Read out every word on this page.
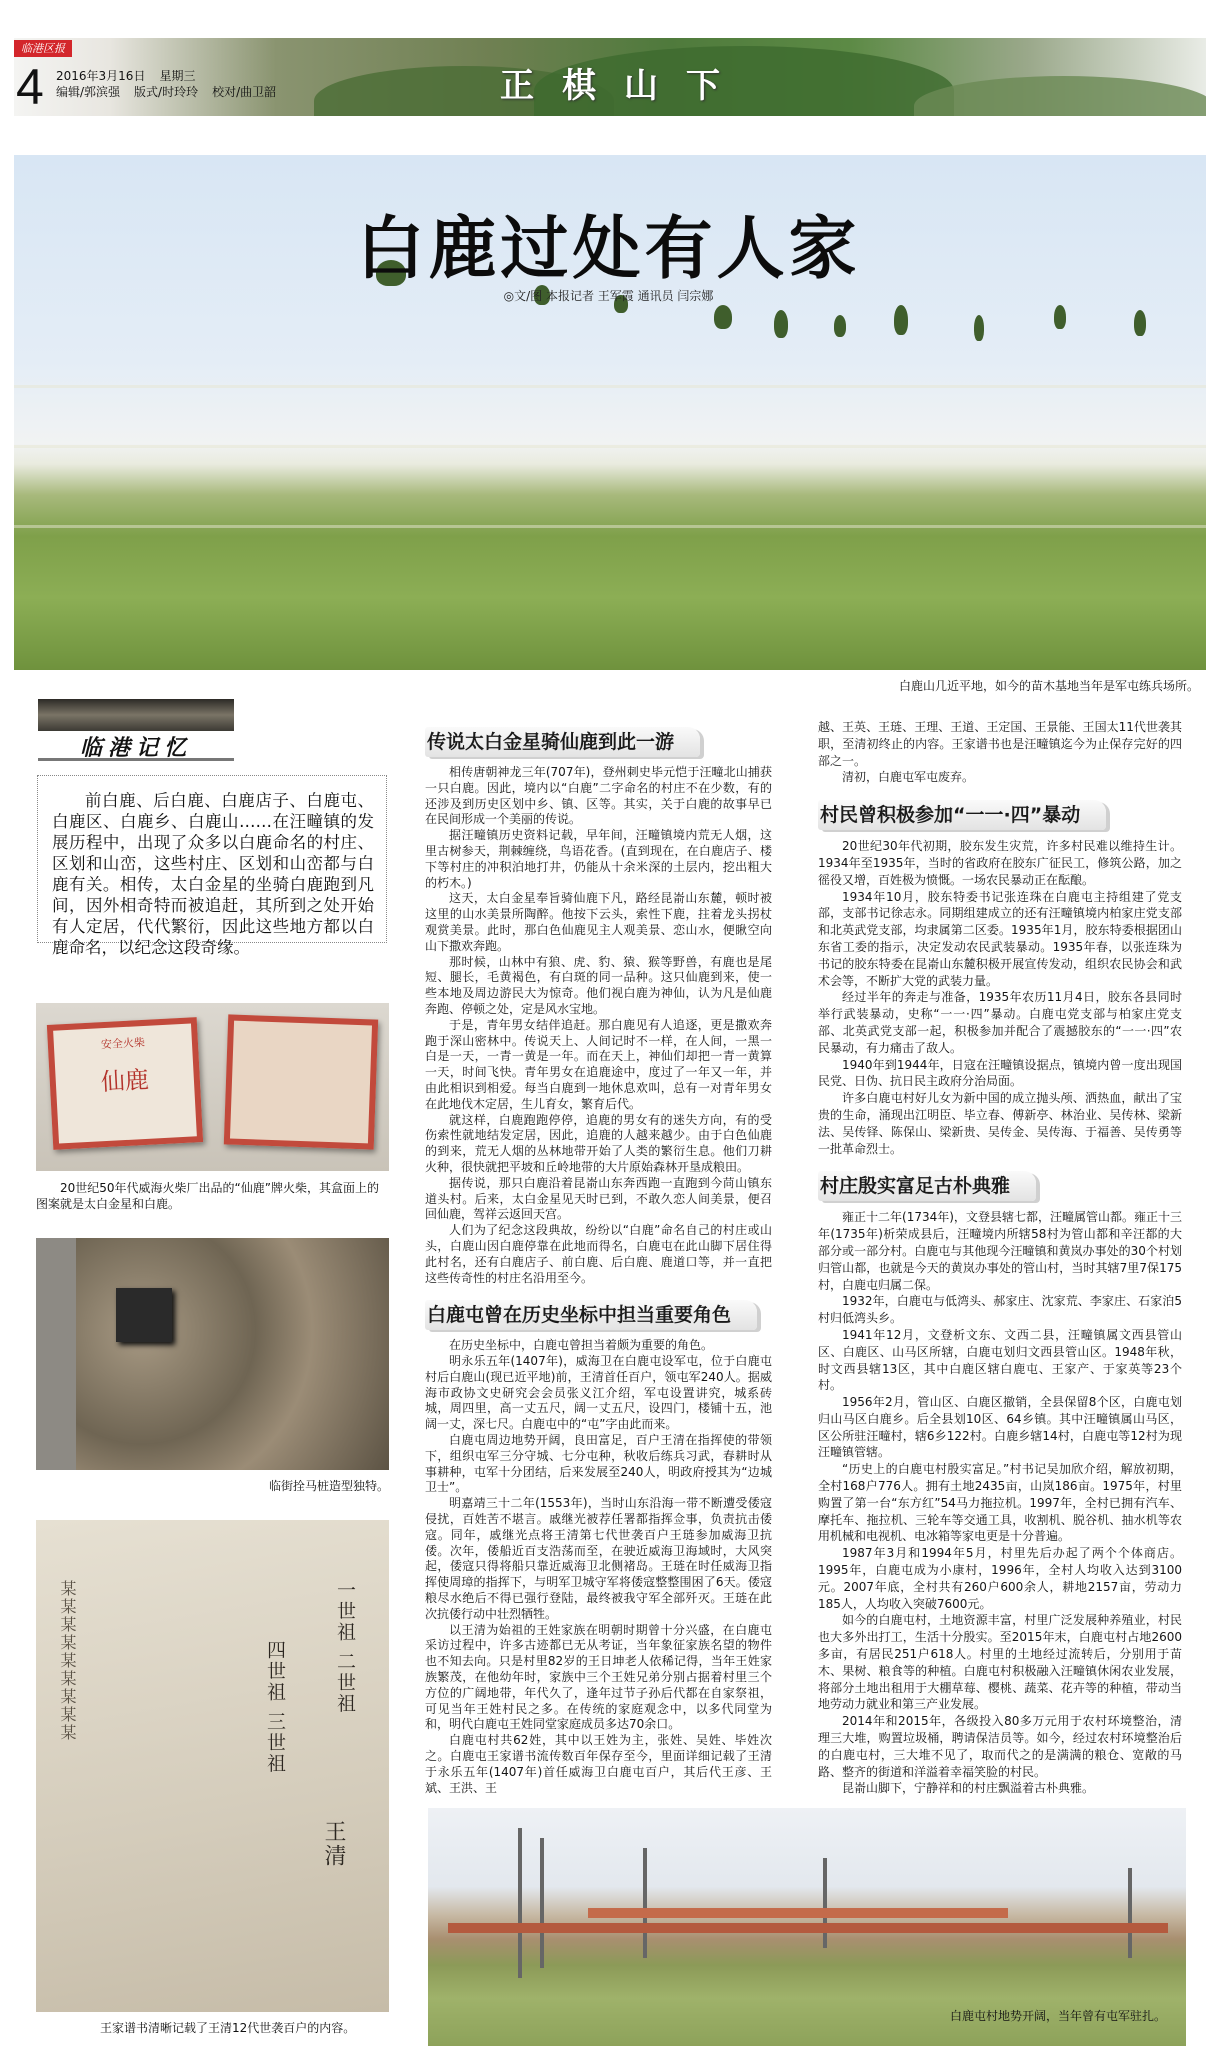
临港区报
4 2016年3月16日 星期三
编辑/郭滨强 版式/时玲玲 校对/曲卫韶	正棋山下
白鹿过处有人家
◎文/图 本报记者 王军霞 通讯员 闫宗娜
白鹿山几近平地，如今的苗木基地当年是军屯练兵场所。
临港记忆
前白鹿、后白鹿、白鹿店子、白鹿屯、白鹿区、白鹿乡、白鹿山……在汪疃镇的发展历程中，出现了众多以白鹿命名的村庄、区划和山峦，这些村庄、区划和山峦都与白鹿有关。相传，太白金星的坐骑白鹿跑到凡间，因外相奇特而被追赶，其所到之处开始有人定居，代代繁衍，因此这些地方都以白鹿命名，以纪念这段奇缘。
安全火柴
仙鹿
20世纪50年代威海火柴厂出品的“仙鹿”牌火柴，其盒面上的图案就是太白金星和白鹿。
临街拴马桩造型独特。
一世祖 二世祖
四世祖 三世祖
王清
某某某某某某某某某
王家谱书清晰记载了王清12代世袭百户的内容。
传说太白金星骑仙鹿到此一游

相传唐朝神龙三年(707年)，登州刺史毕元恺于汪疃北山捕获一只白鹿。因此，境内以“白鹿”二字命名的村庄不在少数，有的还涉及到历史区划中乡、镇、区等。其实，关于白鹿的故事早已在民间形成一个美丽的传说。

据汪疃镇历史资料记载，早年间，汪疃镇境内荒无人烟，这里古树参天，荆棘缠绕，鸟语花香。(直到现在，在白鹿店子、楼下等村庄的冲积泊地打井，仍能从十余米深的土层内，挖出粗大的朽木。)

这天，太白金星奉旨骑仙鹿下凡，路经昆嵛山东麓，顿时被这里的山水美景所陶醉。他按下云头，索性下鹿，拄着龙头拐杖观赏美景。此时，那白色仙鹿见主人观美景、恋山水，便瞅空向山下撒欢奔跑。

那时候，山林中有狼、虎、豹、猿、猴等野兽，有鹿也是尾短、腿长，毛黄褐色，有白斑的同一品种。这只仙鹿到来，使一些本地及周边游民大为惊奇。他们视白鹿为神仙，认为凡是仙鹿奔跑、停顿之处，定是风水宝地。

于是，青年男女结伴追赶。那白鹿见有人追逐，更是撒欢奔跑于深山密林中。传说天上、人间记时不一样，在人间，一黑一白是一天，一青一黄是一年。而在天上，神仙们却把一青一黄算一天，时间飞快。青年男女在追鹿途中，度过了一年又一年，并由此相识到相爱。每当白鹿到一地休息欢叫，总有一对青年男女在此地伐木定居，生儿育女，繁育后代。

就这样，白鹿跑跑停停，追鹿的男女有的迷失方向，有的受伤索性就地结发定居，因此，追鹿的人越来越少。由于白色仙鹿的到来，荒无人烟的丛林地带开始了人类的繁衍生息。他们刀耕火种，很快就把平坡和丘岭地带的大片原始森林开垦成粮田。

据传说，那只白鹿沿着昆嵛山东奔西跑一直跑到今苘山镇东道头村。后来，太白金星见天时已到，不敢久恋人间美景，便召回仙鹿，驾祥云返回天宫。

人们为了纪念这段典故，纷纷以“白鹿”命名自己的村庄或山头，白鹿山因白鹿停靠在此地而得名，白鹿屯在此山脚下居住得此村名，还有白鹿店子、前白鹿、后白鹿、鹿道口等，并一直把这些传奇性的村庄名沿用至今。

白鹿屯曾在历史坐标中担当重要角色

在历史坐标中，白鹿屯曾担当着颇为重要的角色。

明永乐五年(1407年)，威海卫在白鹿屯设军屯，位于白鹿屯村后白鹿山(现已近平地)前，王清首任百户，领屯军240人。据威海市政协文史研究会会员张义江介绍，军屯设置讲究，城系砖城，周四里，高一丈五尺，阔一丈五尺，设四门，楼铺十五，池阔一丈，深七尺。白鹿屯中的“屯”字由此而来。

白鹿屯周边地势开阔，良田富足，百户王清在指挥使的带领下，组织屯军三分守城、七分屯种，秋收后练兵习武，春耕时从事耕种，屯军十分团结，后来发展至240人，明政府授其为“边城卫士”。

明嘉靖三十二年(1553年)，当时山东沿海一带不断遭受倭寇侵扰，百姓苦不堪言。戚继光被荐任署都指挥佥事，负责抗击倭寇。同年，戚继光点将王清第七代世袭百户王琏参加威海卫抗倭。次年，倭船近百支浩荡而至，在驶近威海卫海域时，大风突起，倭寇只得将船只靠近威海卫北侧褚岛。王琏在时任威海卫指挥使周璋的指挥下，与明军卫城守军将倭寇整整围困了6天。倭寇粮尽水绝后不得已强行登陆，最终被我守军全部歼灭。王琏在此次抗倭行动中壮烈牺牲。

以王清为始祖的王姓家族在明朝时期曾十分兴盛，在白鹿屯采访过程中，许多古迹都已无从考证，当年象征家族名望的物件也不知去向。只是村里82岁的王日坤老人依稀记得，当年王姓家族繁茂，在他幼年时，家族中三个王姓兄弟分别占据着村里三个方位的广阔地带，年代久了，逢年过节子孙后代都在自家祭祖，可见当年王姓村民之多。在传统的家庭观念中，以多代同堂为和，明代白鹿屯王姓同堂家庭成员多达70余口。

白鹿屯村共62姓，其中以王姓为主，张姓、吴姓、毕姓次之。白鹿屯王家谱书流传数百年保存至今，里面详细记载了王清于永乐五年(1407年)首任威海卫白鹿屯百户，其后代王彦、王斌、王洪、王

越、王英、王琏、王理、王道、王定国、王景能、王国太11代世袭其职，至清初终止的内容。王家谱书也是汪疃镇迄今为止保存完好的四部之一。

清初，白鹿屯军屯废弃。

村民曾积极参加“一一·四”暴动

20世纪30年代初期，胶东发生灾荒，许多村民难以维持生计。1934年至1935年，当时的省政府在胶东广征民工，修筑公路，加之徭役又增，百姓极为愤慨。一场农民暴动正在酝酿。

1934年10月，胶东特委书记张连珠在白鹿屯主持组建了党支部，支部书记徐志永。同期组建成立的还有汪疃镇境内柏家庄党支部和北英武党支部，均隶属第二区委。1935年1月，胶东特委根据团山东省工委的指示，决定发动农民武装暴动。1935年春，以张连珠为书记的胶东特委在昆嵛山东麓积极开展宣传发动，组织农民协会和武术会等，不断扩大党的武装力量。

经过半年的奔走与准备，1935年农历11月4日，胶东各县同时举行武装暴动，史称“一一·四”暴动。白鹿屯党支部与柏家庄党支部、北英武党支部一起，积极参加并配合了震撼胶东的“一一·四”农民暴动，有力痛击了敌人。

1940年到1944年，日寇在汪疃镇设据点，镇境内曾一度出现国民党、日伪、抗日民主政府分治局面。

许多白鹿屯村好儿女为新中国的成立抛头颅、洒热血，献出了宝贵的生命，涌现出江明臣、毕立春、傅新亭、林治业、吴传林、梁新法、吴传铎、陈保山、梁新贵、吴传金、吴传海、于福善、吴传勇等一批革命烈士。

村庄殷实富足古朴典雅

雍正十二年(1734年)，文登县辖七都，汪疃属管山都。雍正十三年(1735年)析荣成县后，汪疃境内所辖58村为管山都和辛汪都的大部分或一部分村。白鹿屯与其他现今汪疃镇和黄岚办事处的30个村划归管山都，也就是今天的黄岚办事处的管山村，当时其辖7里7保175村，白鹿屯归属二保。

1932年，白鹿屯与低湾头、郝家庄、沈家荒、李家庄、石家泊5村归低湾头乡。

1941年12月，文登析文东、文西二县，汪疃镇属文西县管山区、白鹿区、山马区所辖，白鹿屯划归文西县管山区。1948年秋，时文西县辖13区，其中白鹿区辖白鹿屯、王家产、于家英等23个村。

1956年2月，管山区、白鹿区撤销，全县保留8个区，白鹿屯划归山马区白鹿乡。后全县划10区、64乡镇。其中汪疃镇属山马区，区公所驻汪疃村，辖6乡122村。白鹿乡辖14村，白鹿屯等12村为现汪疃镇管辖。

“历史上的白鹿屯村殷实富足。”村书记吴加欣介绍，解放初期，全村168户776人。拥有土地2435亩，山岚186亩。1975年，村里购置了第一台“东方红”54马力拖拉机。1997年，全村已拥有汽车、摩托车、拖拉机、三轮车等交通工具，收割机、脱谷机、抽水机等农用机械和电视机、电冰箱等家电更是十分普遍。

1987年3月和1994年5月，村里先后办起了两个个体商店。1995年，白鹿屯成为小康村，1996年，全村人均收入达到3100元。2007年底，全村共有260户600余人，耕地2157亩，劳动力185人，人均收入突破7600元。

如今的白鹿屯村，土地资源丰富，村里广泛发展种养殖业，村民也大多外出打工，生活十分殷实。至2015年末，白鹿屯村占地2600多亩，有居民251户618人。村里的土地经过流转后，分别用于苗木、果树、粮食等的种植。白鹿屯村积极融入汪疃镇休闲农业发展，将部分土地出租用于大棚草莓、樱桃、蔬菜、花卉等的种植，带动当地劳动力就业和第三产业发展。

2014年和2015年，各级投入80多万元用于农村环境整治，清理三大堆，购置垃圾桶，聘请保洁员等。如今，经过农村环境整治后的白鹿屯村，三大堆不见了，取而代之的是满满的粮仓、宽敞的马路、整齐的街道和洋溢着幸福笑脸的村民。

昆嵛山脚下，宁静祥和的村庄飘溢着古朴典雅。

白鹿屯村地势开阔，当年曾有屯军驻扎。
